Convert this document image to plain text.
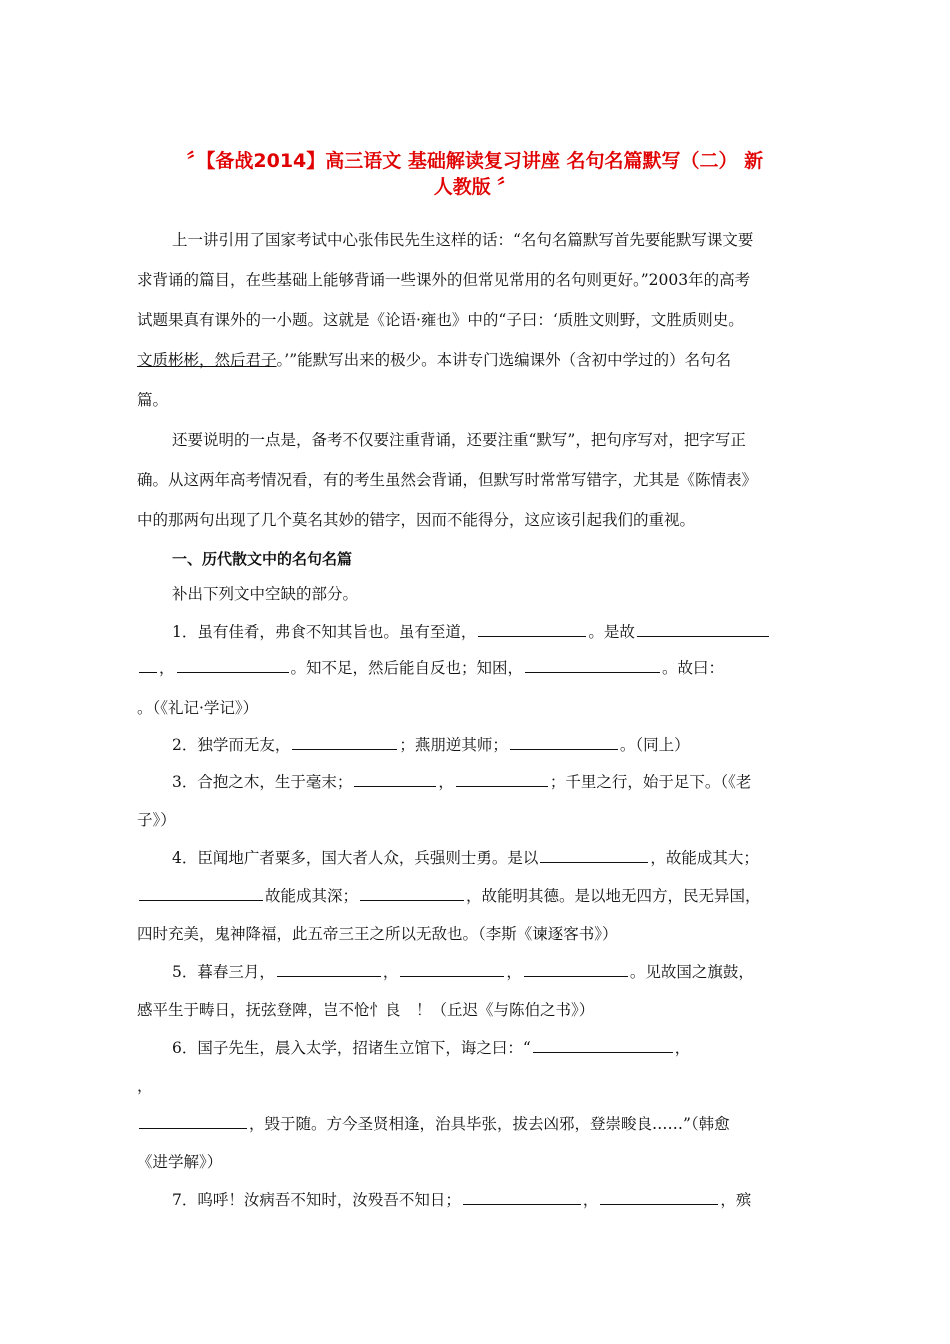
〞【备战2014】高三语文 基础解读复习讲座 名句名篇默写（二） 新
人教版 〞
上一讲引用了国家考试中心张伟民先生这样的话：“名句名篇默写首先要能默写课文要
求背诵的篇目，在些基础上能够背诵一些课外的但常见常用的名句则更好。”2003年的高考
试题果真有课外的一小题。这就是《论语·雍也》中的“子曰：‘质胜文则野，文胜质则史。
文质彬彬，然后君子。’”能默写出来的极少。本讲专门选编课外（含初中学过的）名句名
篇。
还要说明的一点是，备考不仅要注重背诵，还要注重“默写”，把句序写对，把字写正
确。从这两年高考情况看，有的考生虽然会背诵，但默写时常常写错字，尤其是《陈情表》
中的那两句出现了几个莫名其妙的错字，因而不能得分，这应该引起我们的重视。
一、历代散文中的名句名篇
补出下列文中空缺的部分。
1．虽有佳肴，弗食不知其旨也。虽有至道，	。是故
，	。知不足，然后能自反也；知困，	。故曰：
。（《礼记·学记》）
2．独学而无友，	；燕朋逆其师；	。（同上）
3．合抱之木，生于毫末；	，	；千里之行，始于足下。（《老
子》）
4．臣闻地广者粟多，国大者人众，兵强则士勇。是以	，故能成其大；
故能成其深；	，故能明其德。是以地无四方，民无异国，
四时充美，鬼神降福，此五帝三王之所以无敌也。（李斯《谏逐客书》）
5．暮春三月，	，	，	。见故国之旗鼓，
感平生于畴日，抚弦登陴，岂不怆忄良　！（丘迟《与陈伯之书》）
6．国子先生，晨入太学，招诸生立馆下，诲之曰：“	，
，
，毁于随。方今圣贤相逢，治具毕张，拔去凶邪，登崇畯良……”（韩愈
《进学解》）
7．呜呼！汝病吾不知时，汝殁吾不知日；	，	，殡
